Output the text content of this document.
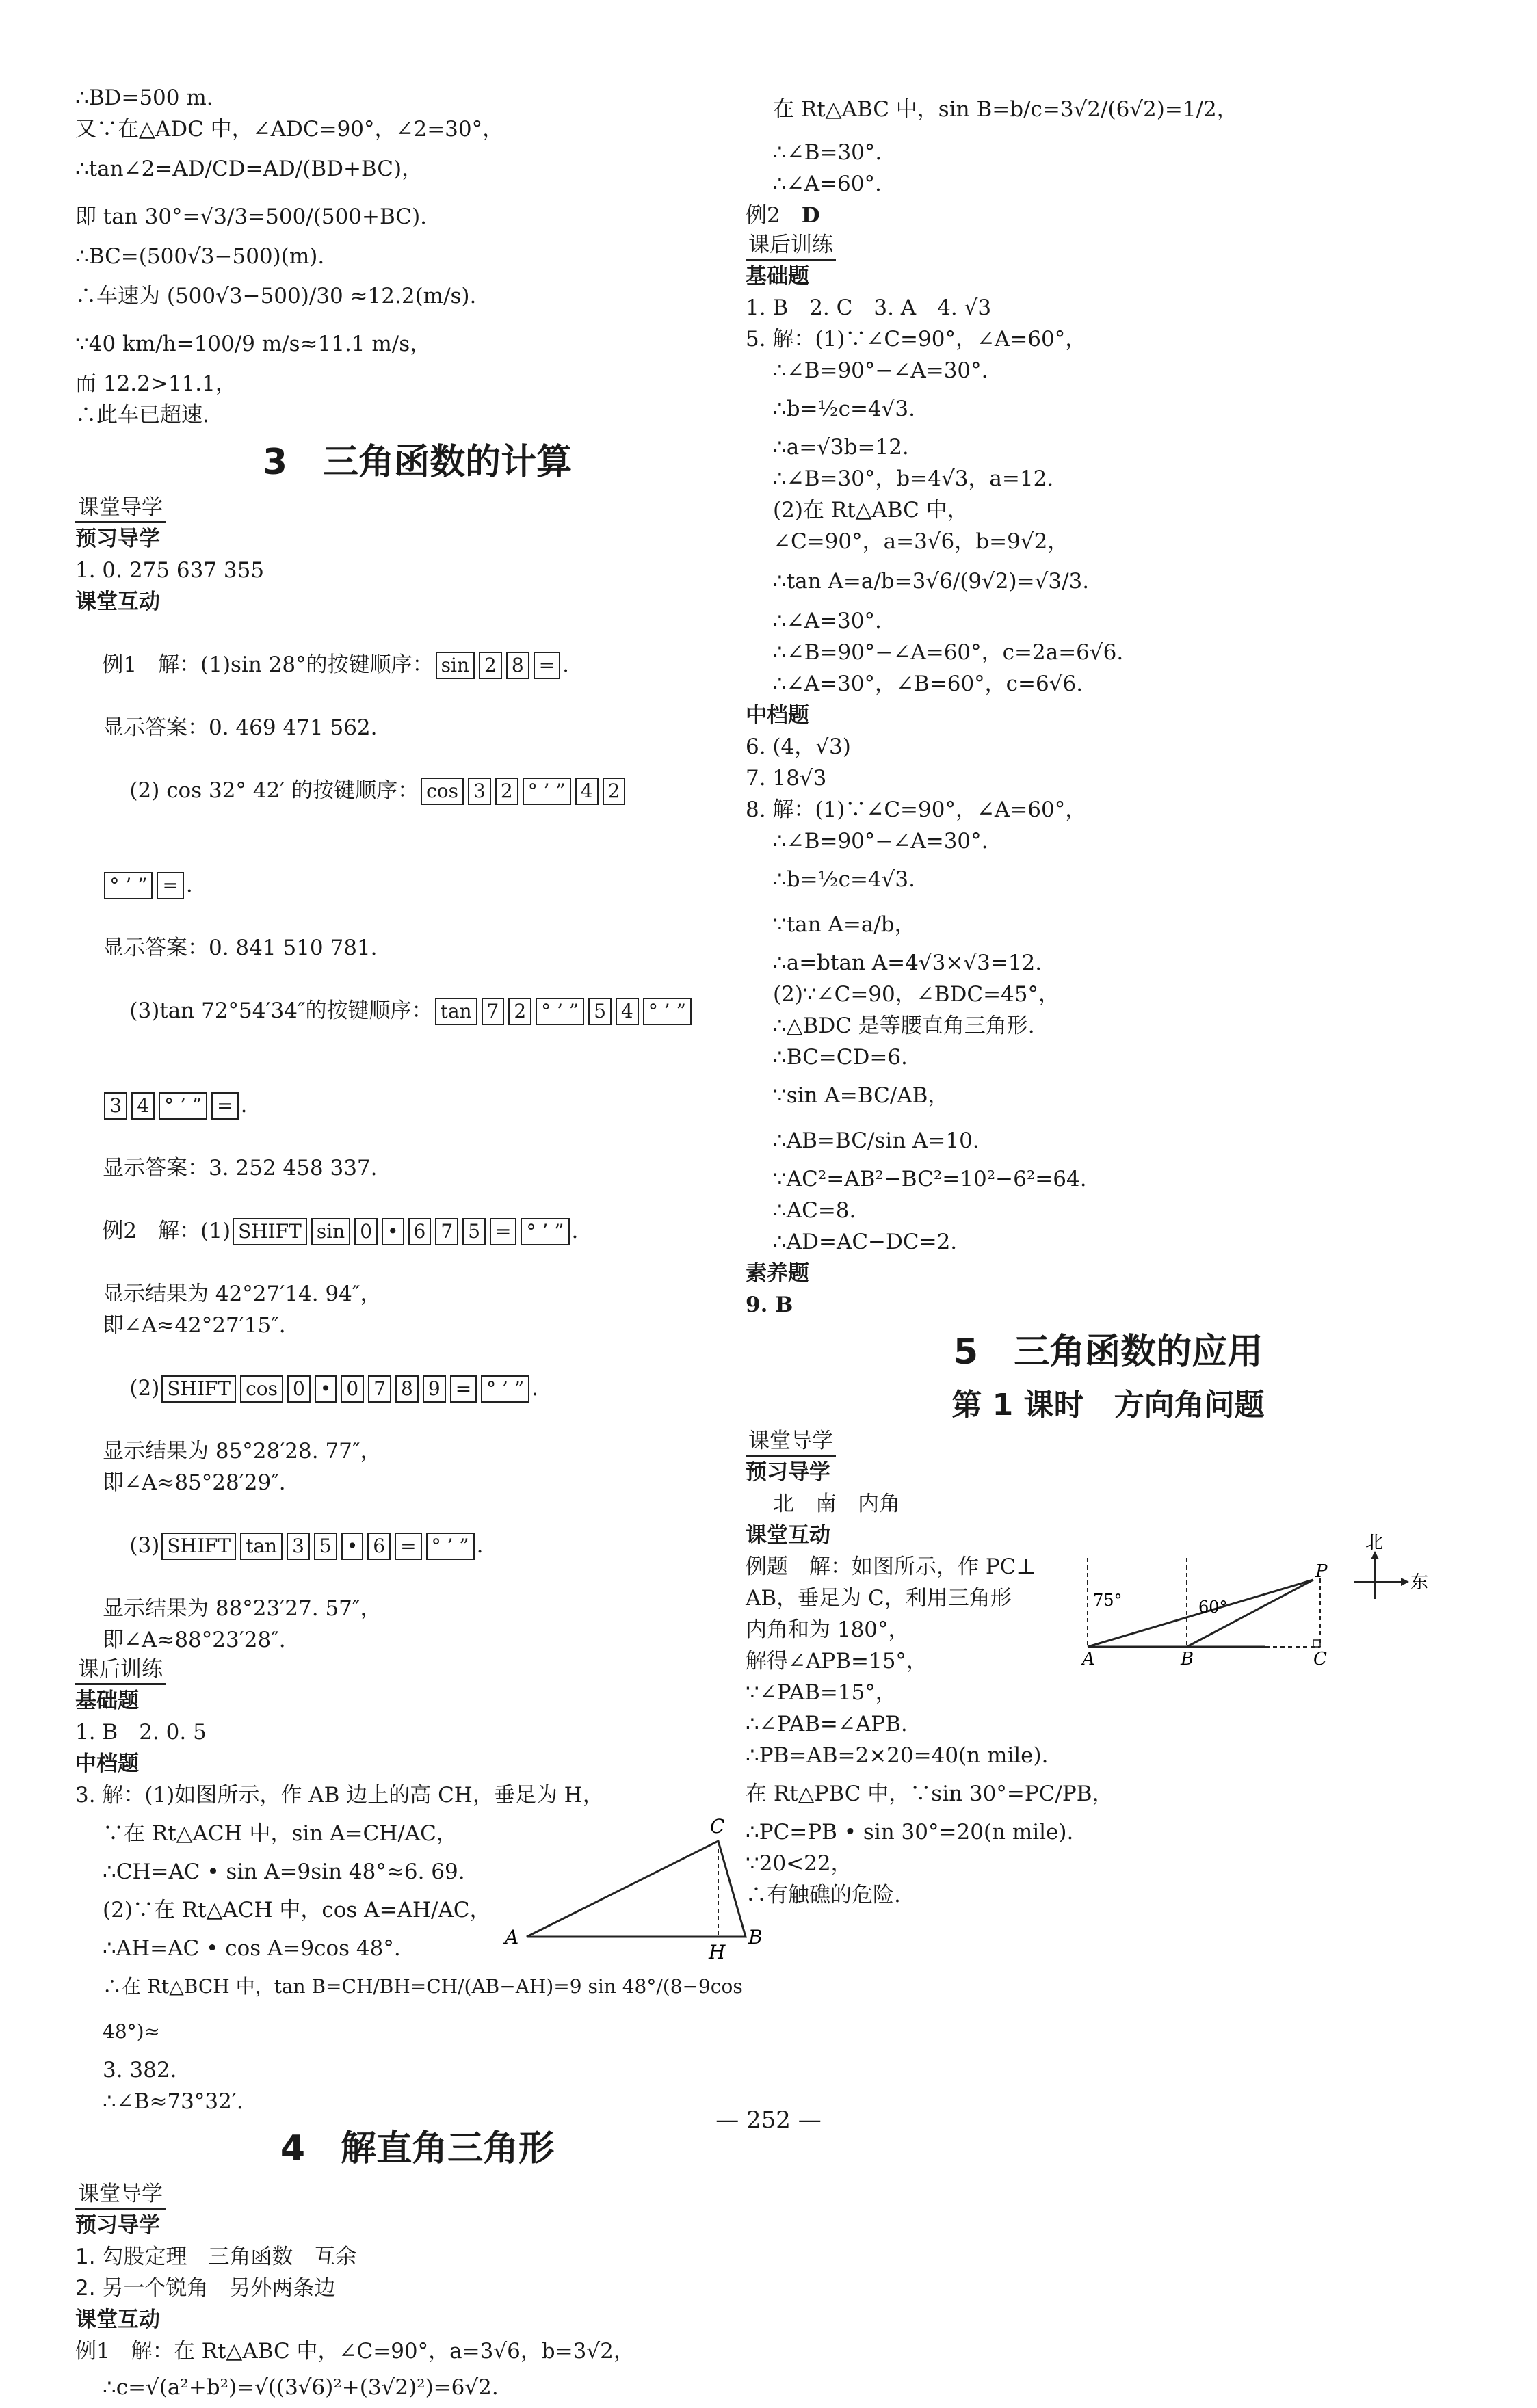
∴BD=500 m.

又∵在△ADC 中，∠ADC=90°，∠2=30°，

∴tan∠2=AD/CD=AD/(BD+BC)，

即 tan 30°=√3/3=500/(500+BC).

∴BC=(500√3−500)(m).

∴车速为 (500√3−500)/30 ≈12.2(m/s).

∵40 km/h=100/9 m/s≈11.1 m/s，

而 12.2>11.1，

∴此车已超速.

3　三角函数的计算
课堂导学
预习导学

1. 0. 275 637 355

课堂互动

例1　解：(1)sin 28°的按键顺序： sin 2 8 = .

显示答案：0. 469 471 562.

(2) cos 32° 42′ 的按键顺序： cos 3 2 ° ’ ” 4 2

° ’ ” = .

显示答案：0. 841 510 781.

(3)tan 72°54′34″的按键顺序： tan 7 2 ° ’ ” 5 4 ° ’ ”

3 4 ° ’ ” = .

显示答案：3. 252 458 337.

例2　解：(1) SHIFT sin 0 • 6 7 5 = ° ’ ” .

显示结果为 42°27′14. 94″，

即∠A≈42°27′15″.

(2) SHIFT cos 0 • 0 7 8 9 = ° ’ ” .

显示结果为 85°28′28. 77″，

即∠A≈85°28′29″.

(3) SHIFT tan 3 5 • 6 = ° ’ ” .

显示结果为 88°23′27. 57″，

即∠A≈88°23′28″.

课后训练
基础题

1. B　2. 0. 5

中档题

3. 解：(1)如图所示，作 AB 边上的高 CH，垂足为 H，

∵在 Rt△ACH 中，sin A=CH/AC，

∴CH=AC • sin A=9sin 48°≈6. 69.

(2)∵在 Rt△ACH 中，cos A=AH/AC，

∴AH=AC • cos A=9cos 48°.

∴在 Rt△BCH 中，tan B=CH/BH=CH/(AB−AH)=9 sin 48°/(8−9cos 48°)≈

3. 382.

∴∠B≈73°32′.

C
A
H
B
4　解直角三角形
课堂导学
预习导学

1. 勾股定理　三角函数　互余

2. 另一个锐角　另外两条边

课堂互动

例1　解：在 Rt△ABC 中，∠C=90°，a=3√6，b=3√2，

∴c=√(a²+b²)=√((3√6)²+(3√2)²)=6√2.

在 Rt△ABC 中，sin B=b/c=3√2/(6√2)=1/2，

∴∠B=30°.

∴∠A=60°.

例2　D

课后训练
基础题

1. B　2. C　3. A　4. √3

5. 解：(1)∵∠C=90°，∠A=60°，

∴∠B=90°−∠A=30°.

∴b=½c=4√3.

∴a=√3b=12.

∴∠B=30°，b=4√3，a=12.

(2)在 Rt△ABC 中，

∠C=90°，a=3√6，b=9√2，

∴tan A=a/b=3√6/(9√2)=√3/3.

∴∠A=30°.

∴∠B=90°−∠A=60°，c=2a=6√6.

∴∠A=30°，∠B=60°，c=6√6.

中档题

6. (4，√3)

7. 18√3

8. 解：(1)∵∠C=90°，∠A=60°，

∴∠B=90°−∠A=30°.

∴b=½c=4√3.

∵tan A=a/b，

∴a=btan A=4√3×√3=12.

(2)∵∠C=90，∠BDC=45°，

∴△BDC 是等腰直角三角形.

∴BC=CD=6.

∵sin A=BC/AB，

∴AB=BC/sin A=10.

∵AC²=AB²−BC²=10²−6²=64.

∴AC=8.

∴AD=AC−DC=2.

素养题

9. B

5　三角函数的应用
第 1 课时　方向角问题
课堂导学
预习导学

北　南　内角

课堂互动

例题　解：如图所示，作 PC⊥

AB，垂足为 C，利用三角形

内角和为 180°，

解得∠APB=15°，

∵∠PAB=15°，

∴∠PAB=∠APB.

∴PB=AB=2×20=40(n mile).

在 Rt△PBC 中，∵sin 30°=PC/PB，

∴PC=PB • sin 30°=20(n mile).

∵20<22，

∴有触礁的危险.

75°	60°
P
A	B	C
北
东
— 252 —
